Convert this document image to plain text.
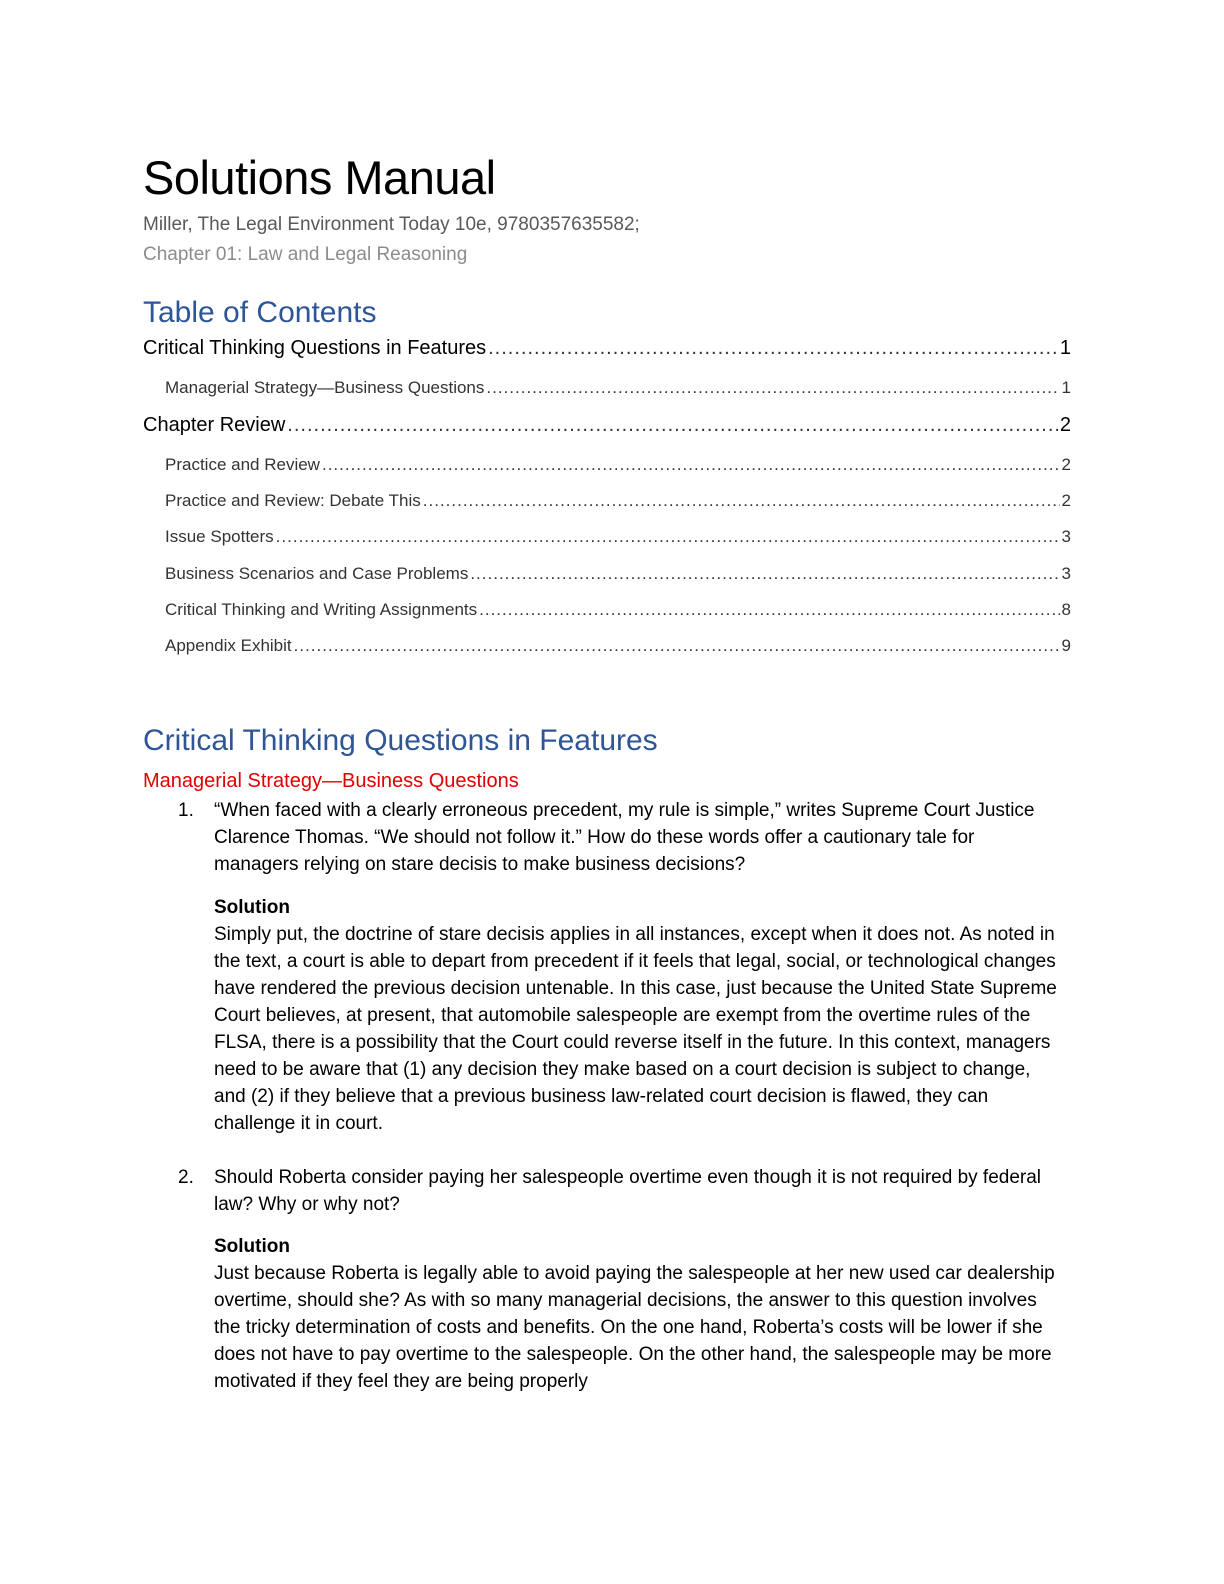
Solutions Manual
Miller, The Legal Environment Today 10e, 9780357635582;
Chapter 01: Law and Legal Reasoning
Table of Contents
Critical Thinking Questions in Features .....	1
Managerial Strategy—Business Questions .....	1
Chapter Review .....	2
Practice and Review .....	2
Practice and Review: Debate This .....	2
Issue Spotters .....	3
Business Scenarios and Case Problems .....	3
Critical Thinking and Writing Assignments .....	8
Appendix Exhibit .....	9
Critical Thinking Questions in Features
Managerial Strategy—Business Questions
1. “When faced with a clearly erroneous precedent, my rule is simple,” writes Supreme Court Justice Clarence Thomas. “We should not follow it.” How do these words offer a cautionary tale for managers relying on stare decisis to make business decisions?
Solution
Simply put, the doctrine of stare decisis applies in all instances, except when it does not. As noted in the text, a court is able to depart from precedent if it feels that legal, social, or technological changes have rendered the previous decision untenable. In this case, just because the United State Supreme Court believes, at present, that automobile salespeople are exempt from the overtime rules of the FLSA, there is a possibility that the Court could reverse itself in the future. In this context, managers need to be aware that (1) any decision they make based on a court decision is subject to change, and (2) if they believe that a previous business law-related court decision is flawed, they can challenge it in court.
2. Should Roberta consider paying her salespeople overtime even though it is not required by federal law? Why or why not?
Solution
Just because Roberta is legally able to avoid paying the salespeople at her new used car dealership overtime, should she? As with so many managerial decisions, the answer to this question involves the tricky determination of costs and benefits. On the one hand, Roberta’s costs will be lower if she does not have to pay overtime to the salespeople. On the other hand, the salespeople may be more motivated if they feel they are being properly
